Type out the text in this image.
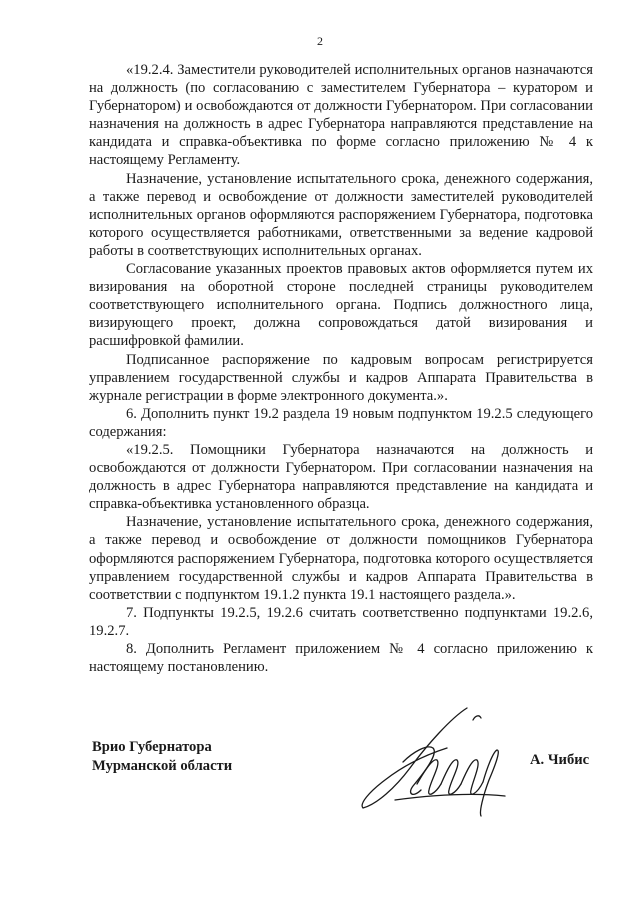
2

«19.2.4. Заместители руководителей исполнительных органов назначаются на должность (по согласованию с заместителем Губернатора – куратором и Губернатором) и освобождаются от должности Губернатором. При согласовании назначения на должность в адрес Губернатора направляются представление на кандидата и справка-объективка по форме согласно приложению № 4 к настоящему Регламенту.

Назначение, установление испытательного срока, денежного содержания, а также перевод и освобождение от должности заместителей руководителей исполнительных органов оформляются распоряжением Губернатора, подготовка которого осуществляется работниками, ответственными за ведение кадровой работы в соответствующих исполнительных органах.

Согласование указанных проектов правовых актов оформляется путем их визирования на оборотной стороне последней страницы руководителем соответствующего исполнительного органа. Подпись должностного лица, визирующего проект, должна сопровождаться датой визирования и расшифровкой фамилии.

Подписанное распоряжение по кадровым вопросам регистрируется управлением государственной службы и кадров Аппарата Правительства в журнале регистрации в форме электронного документа.».

6. Дополнить пункт 19.2 раздела 19 новым подпунктом 19.2.5 следующего содержания:

«19.2.5. Помощники Губернатора назначаются на должность и освобождаются от должности Губернатором. При согласовании назначения на должность в адрес Губернатора направляются представление на кандидата и справка-объективка установленного образца.

Назначение, установление испытательного срока, денежного содержания, а также перевод и освобождение от должности помощников Губернатора оформляются распоряжением Губернатора, подготовка которого осуществляется управлением государственной службы и кадров Аппарата Правительства в соответствии с подпунктом 19.1.2 пункта 19.1 настоящего раздела.».

7. Подпункты 19.2.5, 19.2.6 считать соответственно подпунктами 19.2.6, 19.2.7.

8. Дополнить Регламент приложением № 4 согласно приложению к настоящему постановлению.

Врио Губернатора
Мурманской области	А. Чибис
